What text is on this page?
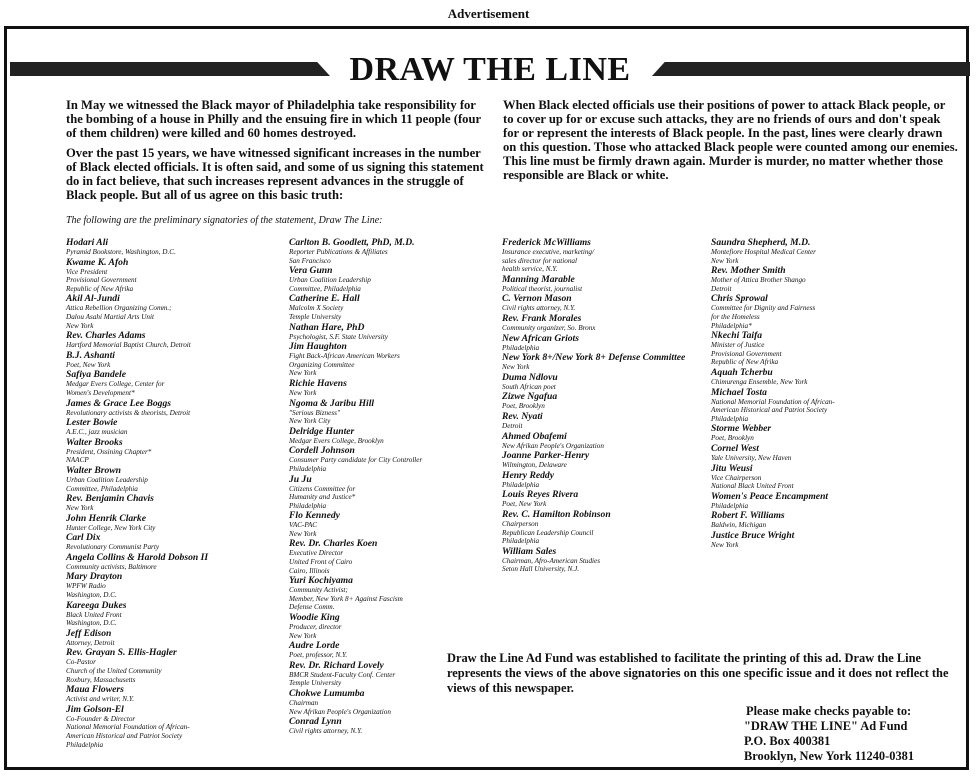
Advertisement
DRAW THE LINE

In May we witnessed the Black mayor of Philadelphia take responsibility for the bombing of a house in Philly and the ensuing fire in which 11 people (four of them children) were killed and 60 homes destroyed.

Over the past 15 years, we have witnessed significant increases in the number of Black elected officials. It is often said, and some of us signing this statement do in fact believe, that such increases represent advances in the struggle of Black people. But all of us agree on this basic truth:

When Black elected officials use their positions of power to attack Black people, or to cover up for or excuse such attacks, they are no friends of ours and don't speak for or represent the interests of Black people. In the past, lines were clearly drawn on this question. Those who attacked Black people were counted among our enemies. This line must be firmly drawn again. Murder is murder, no matter whether those responsible are Black or white.

The following are the preliminary signatories of the statement, Draw The Line:
Hodari Ali
Pyramid Bookstore, Washington, D.C.
Kwame K. Afoh
Vice President
Provisional Government
Republic of New Afrika
Akil Al-Jundi
Attica Rebellion Organizing Comm.;
Dalou Asahi Martial Arts Unit
New York
Rev. Charles Adams
Hartford Memorial Baptist Church, Detroit
B.J. Ashanti
Poet, New York
Safiya Bandele
Medgar Evers College, Center for
Women's Development*
James & Grace Lee Boggs
Revolutionary activists & theorists, Detroit
Lester Bowie
A.E.C., jazz musician
Walter Brooks
President, Ossining Chapter*
NAACP
Walter Brown
Urban Coalition Leadership
Committee, Philadelphia
Rev. Benjamin Chavis
New York
John Henrik Clarke
Hunter College, New York City
Carl Dix
Revolutionary Communist Party
Angela Collins & Harold Dobson II
Community activists, Baltimore
Mary Drayton
WPFW Radio
Washington, D.C.
Kareega Dukes
Black United Front
Washington, D.C.
Jeff Edison
Attorney, Detroit
Rev. Grayan S. Ellis-Hagler
Co-Pastor
Church of the United Community
Roxbury, Massachusetts
Maua Flowers
Activist and writer, N.Y.
Jim Golson-El
Co-Founder & Director
National Memorial Foundation of African-
American Historical and Patriot Society
Philadelphia
Carlton B. Goodlett, PhD, M.D.
Reporter Publications & Affiliates
San Francisco
Vera Gunn
Urban Coalition Leadership
Committee, Philadelphia
Catherine E. Hall
Malcolm X Society
Temple University
Nathan Hare, PhD
Psychologist, S.F. State University
Jim Haughton
Fight Back-African American Workers
Organizing Committee
New York
Richie Havens
New York
Ngoma & Jaribu Hill
"Serious Bizness"
New York City
Delridge Hunter
Medgar Evers College, Brooklyn
Cordell Johnson
Consumer Party candidate for City Controller
Philadelphia
Ju Ju
Citizens Committee for
Humanity and Justice*
Philadelphia
Flo Kennedy
VAC-PAC
New York
Rev. Dr. Charles Koen
Executive Director
United Front of Cairo
Cairo, Illinois
Yuri Kochiyama
Community Activist;
Member, New York 8+ Against Fascism
Defense Comm.
Woodie King
Producer, director
New York
Audre Lorde
Poet, professor, N.Y.
Rev. Dr. Richard Lovely
BMCR Student-Faculty Conf. Center
Temple University
Chokwe Lumumba
Chairman
New Afrikan People's Organization
Conrad Lynn
Civil rights attorney, N.Y.
Frederick McWilliams
Insurance executive, marketing/
sales director for national
health service, N.Y.
Manning Marable
Political theorist, journalist
C. Vernon Mason
Civil rights attorney, N.Y.
Rev. Frank Morales
Community organizer, So. Bronx
New African Griots
Philadelphia
New York 8+/New York 8+ Defense Committee
New York
Duma Ndlovu
South African poet
Zizwe Ngafua
Poet, Brooklyn
Rev. Nyati
Detroit
Ahmed Obafemi
New Afrikan People's Organization
Joanne Parker-Henry
Wilmington, Delaware
Henry Reddy
Philadelphia
Louis Reyes Rivera
Poet, New York
Rev. C. Hamilton Robinson
Chairperson
Republican Leadership Council
Philadelphia
William Sales
Chairman, Afro-American Studies
Seton Hall University, N.J.
Saundra Shepherd, M.D.
Montefiore Hospital Medical Center
New York
Rev. Mother Smith
Mother of Attica Brother Shango
Detroit
Chris Sprowal
Committee for Dignity and Fairness
for the Homeless
Philadelphia*
Nkechi Taifa
Minister of Justice
Provisional Government
Republic of New Afrika
Aquah Tcherbu
Chimurenga Ensemble, New York
Michael Tosta
National Memorial Foundation of African-
American Historical and Patriot Society
Philadelphia
Storme Webber
Poet, Brooklyn
Cornel West
Yale University, New Haven
Jitu Weusi
Vice Chairperson
National Black United Front
Women's Peace Encampment
Philadelphia
Robert F. Williams
Baldwin, Michigan
Justice Bruce Wright
New York
Draw the Line Ad Fund was established to facilitate the printing of this ad. Draw the Line represents the views of the above signatories on this one specific issue and it does not reflect the views of this newspaper.
Please make checks payable to:
"DRAW THE LINE" Ad Fund
P.O. Box 400381
Brooklyn, New York 11240-0381
